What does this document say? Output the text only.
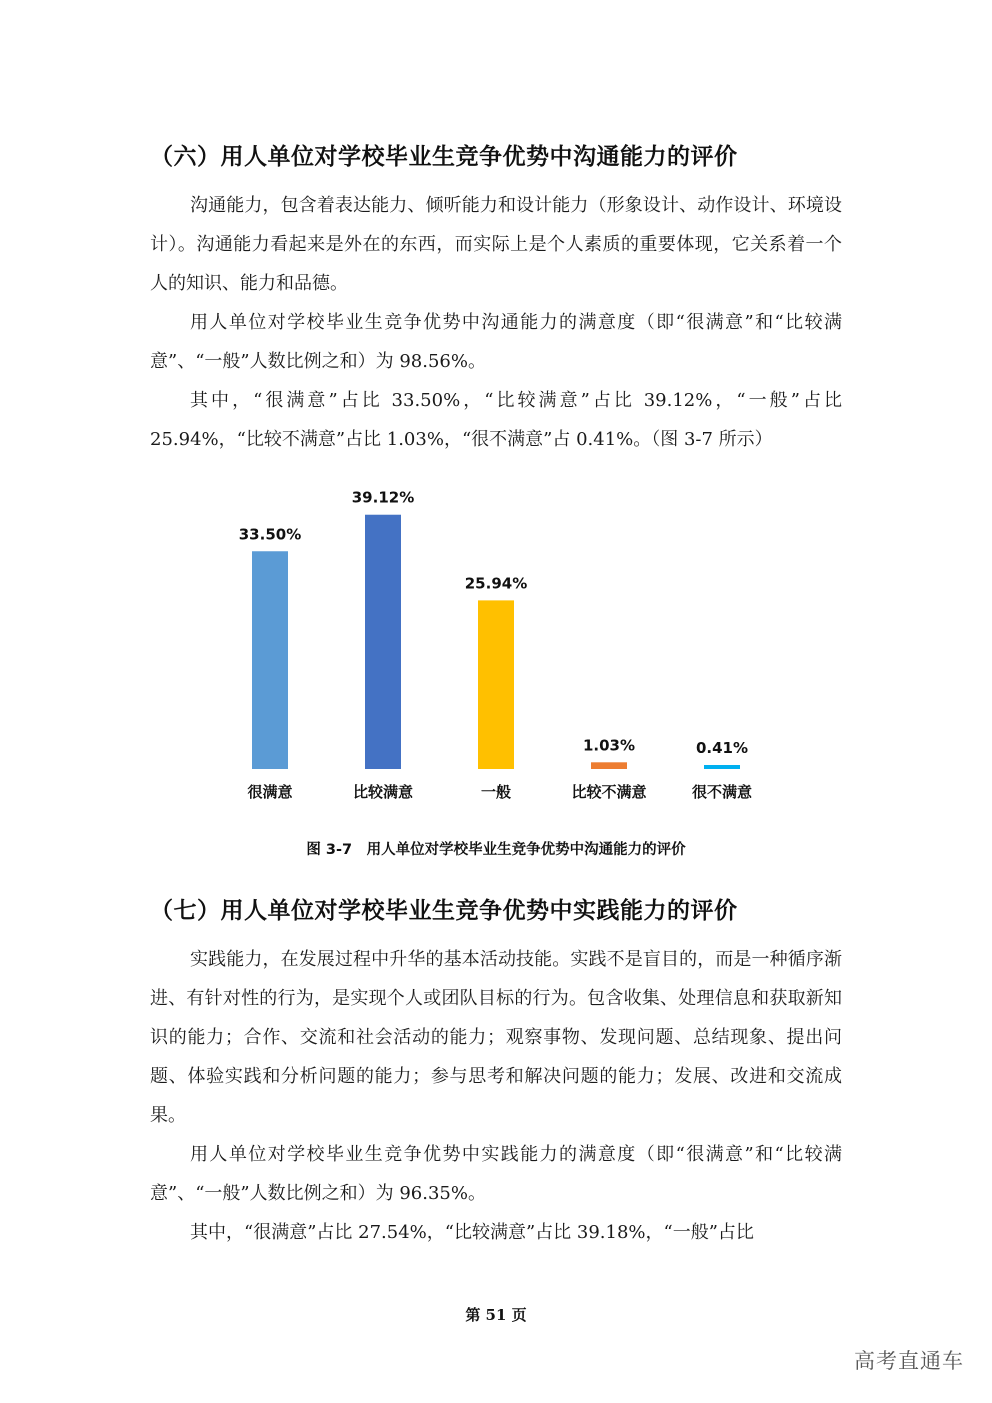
（六）用人单位对学校毕业生竞争优势中沟通能力的评价

沟通能力，包含着表达能力、倾听能力和设计能力（形象设计、动作设计、环境设计）。沟通能力看起来是外在的东西，而实际上是个人素质的重要体现，它关系着一个人的知识、能力和品德。

用人单位对学校毕业生竞争优势中沟通能力的满意度（即“很满意”和“比较满意”、“一般”人数比例之和）为 98.56%。

其中，“很满意”占比 33.50%，“比较满意”占比 39.12%，“一般”占比 25.94%，“比较不满意”占比 1.03%，“很不满意”占 0.41%。（图 3-7 所示）

33.50%
很满意
39.12%
比较满意
25.94%
一般
1.03%
比较不满意
0.41%
很不满意
图 3-7　用人单位对学校毕业生竞争优势中沟通能力的评价
（七）用人单位对学校毕业生竞争优势中实践能力的评价

实践能力，在发展过程中升华的基本活动技能。实践不是盲目的，而是一种循序渐进、有针对性的行为，是实现个人或团队目标的行为。包含收集、处理信息和获取新知识的能力；合作、交流和社会活动的能力；观察事物、发现问题、总结现象、提出问题、体验实践和分析问题的能力；参与思考和解决问题的能力；发展、改进和交流成果。

用人单位对学校毕业生竞争优势中实践能力的满意度（即“很满意”和“比较满意”、“一般”人数比例之和）为 96.35%。

其中，“很满意”占比 27.54%，“比较满意”占比 39.18%，“一般”占比

第 51 页
高考直通车
